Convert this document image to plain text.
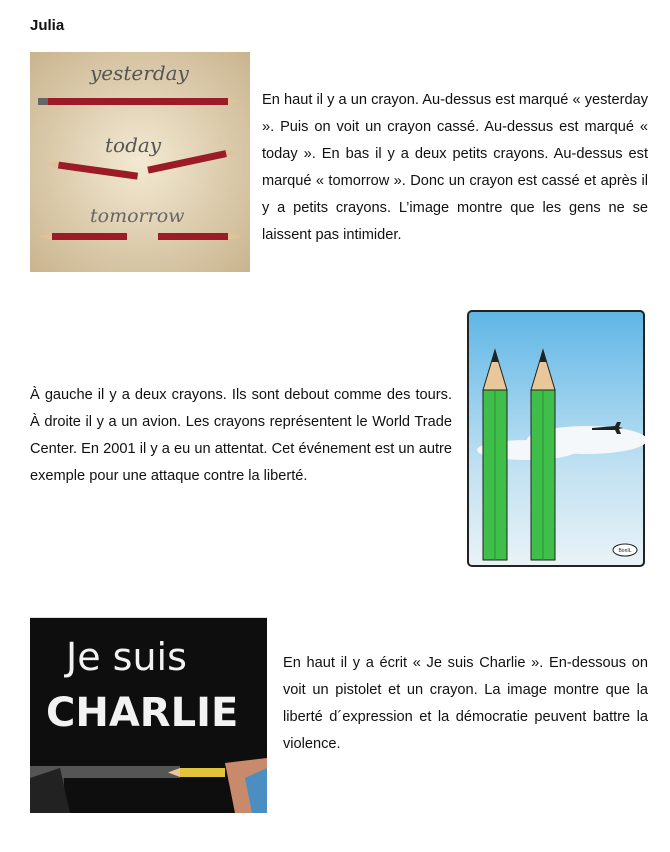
Julia
yesterday
today
tomorrow

En haut il y a un crayon. Au-dessus est marqué « yesterday ». Puis on voit un crayon cassé. Au-dessus est marqué « today ». En bas il y a deux petits crayons. Au-dessus est marqué « tomorrow ». Donc un crayon est cassé et après il y a petits crayons. L’image montre que les gens ne se laissent pas intimider.

BonIL

À gauche il y a deux crayons. Ils sont debout comme des tours. À droite il y a un avion. Les crayons représentent le World Trade Center. En 2001 il y a eu un attentat. Cet événement est un autre exemple pour une attaque contre la liberté.

Je suis
CHARLIE

En haut il y a écrit « Je suis Charlie ». En-dessous on voit un pistolet et un crayon. La image montre que la liberté d´expression et la démocratie peuvent battre la violence.
